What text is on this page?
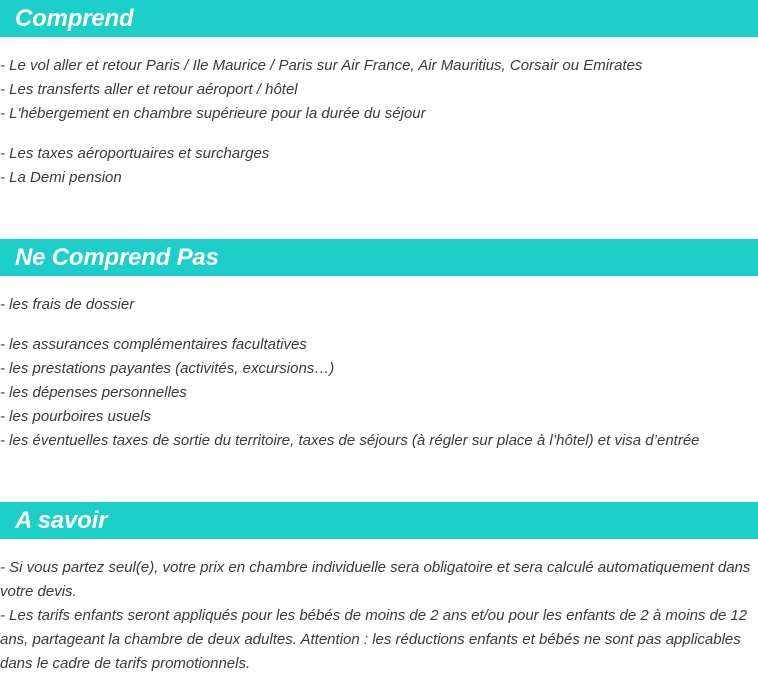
Comprend
- Le vol aller et retour Paris / Ile Maurice / Paris sur Air France, Air Mauritius, Corsair ou Emirates
- Les transferts aller et retour aéroport / hôtel
- L'hébergement en chambre supérieure pour la durée du séjour
- Les taxes aéroportuaires et surcharges
- La Demi pension
Ne Comprend Pas
- les frais de dossier
- les assurances complémentaires facultatives
- les prestations payantes (activités, excursions…)
- les dépenses personnelles
- les pourboires usuels
- les éventuelles taxes de sortie du territoire, taxes de séjours (à régler sur place à l’hôtel) et visa d’entrée
A savoir
- Si vous partez seul(e), votre prix en chambre individuelle sera obligatoire et sera calculé automatiquement dans votre devis.
- Les tarifs enfants seront appliqués pour les bébés de moins de 2 ans et/ou pour les enfants de 2 à moins de 12 ans, partageant la chambre de deux adultes. Attention : les réductions enfants et bébés ne sont pas applicables dans le cadre de tarifs promotionnels.
